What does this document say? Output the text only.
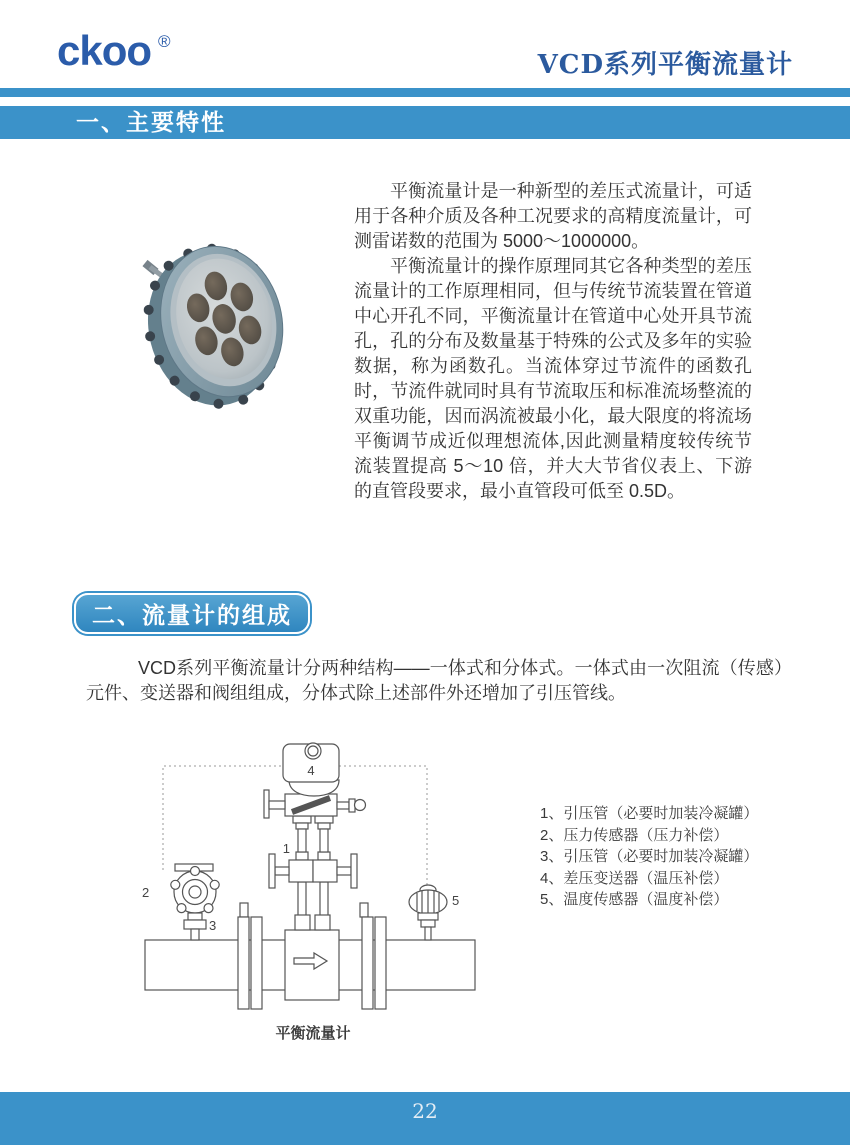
ckoo ®
VCD系列平衡流量计
一、主要特性

平衡流量计是一种新型的差压式流量计，可适用于各种介质及各种工况要求的高精度流量计，可测雷诺数的范围为 5000～1000000。

平衡流量计的操作原理同其它各种类型的差压流量计的工作原理相同，但与传统节流装置在管道中心开孔不同，平衡流量计在管道中心处开具节流孔，孔的分布及数量基于特殊的公式及多年的实验数据，称为函数孔。当流体穿过节流件的函数孔时，节流件就同时具有节流取压和标准流场整流的双重功能，因而涡流被最小化，最大限度的将流场平衡调节成近似理想流体,因此测量精度较传统节流装置提高 5～10 倍，并大大节省仪表上、下游的直管段要求，最小直管段可低至 0.5D。

二、流量计的组成

VCD系列平衡流量计分两种结构——一体式和分体式。一体式由一次阻流（传感）元件、变送器和阀组组成，分体式除上述部件外还增加了引压管线。

1
2
3
4
5
平衡流量计
1、引压管（必要时加装冷凝罐）
2、压力传感器（压力补偿）
3、引压管（必要时加装冷凝罐）
4、差压变送器（温压补偿）
5、温度传感器（温度补偿）
22
